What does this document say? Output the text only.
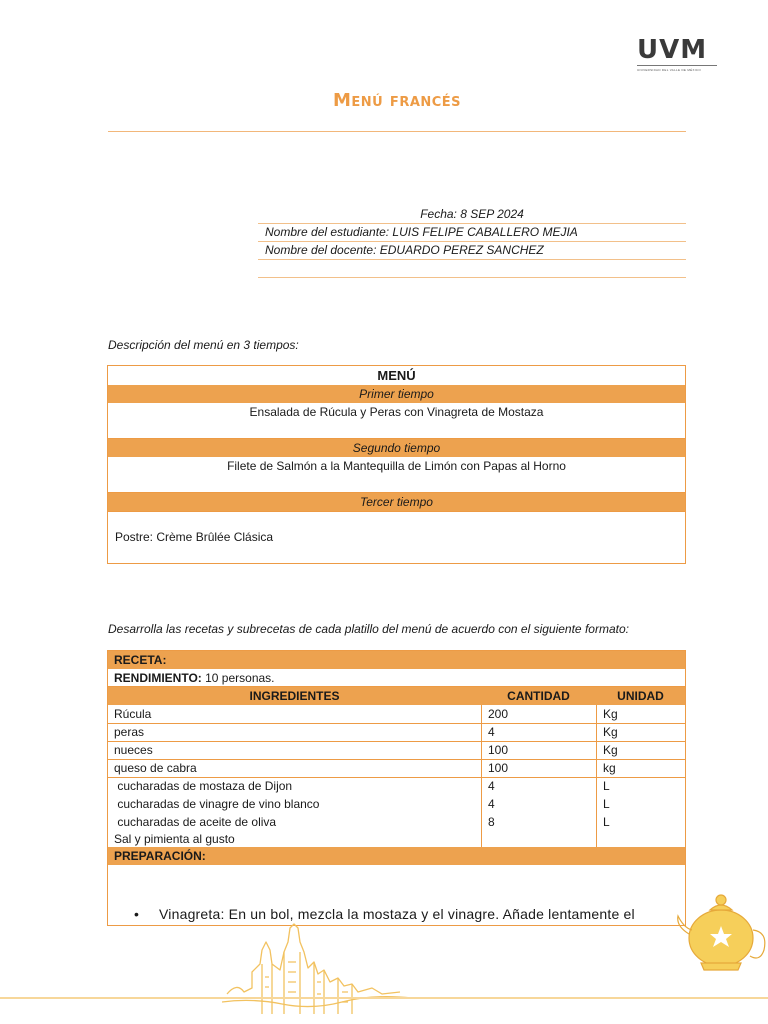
UVM
UNIVERSIDAD DEL VALLE DE MÉXICO
Menú francés
Fecha: 8 SEP 2024
Nombre del estudiante: LUIS FELIPE CABALLERO MEJIA
Nombre del docente: EDUARDO PEREZ SANCHEZ
Descripción del menú en 3 tiempos:
MENÚ
Primer tiempo
Ensalada de Rúcula y Peras con Vinagreta de Mostaza
Segundo tiempo
Filete de Salmón a la Mantequilla de Limón con Papas al Horno
Tercer tiempo
Postre: Crème Brûlée Clásica
Desarrolla las recetas y subrecetas de cada platillo del menú de acuerdo con el siguiente formato:
RECETA:
RENDIMIENTO: 10 personas.
INGREDIENTES	CANTIDAD	UNIDAD
Rúcula	200	Kg
peras	4	Kg
nueces	100	Kg
queso de cabra	100	kg
cucharadas de mostaza de Dijon	4	L
cucharadas de vinagre de vino blanco	4	L
cucharadas de aceite de oliva	8	L
Sal y pimienta al gusto
PREPARACIÓN:
• Vinagreta: En un bol, mezcla la mostaza y el vinagre. Añade lentamente el
